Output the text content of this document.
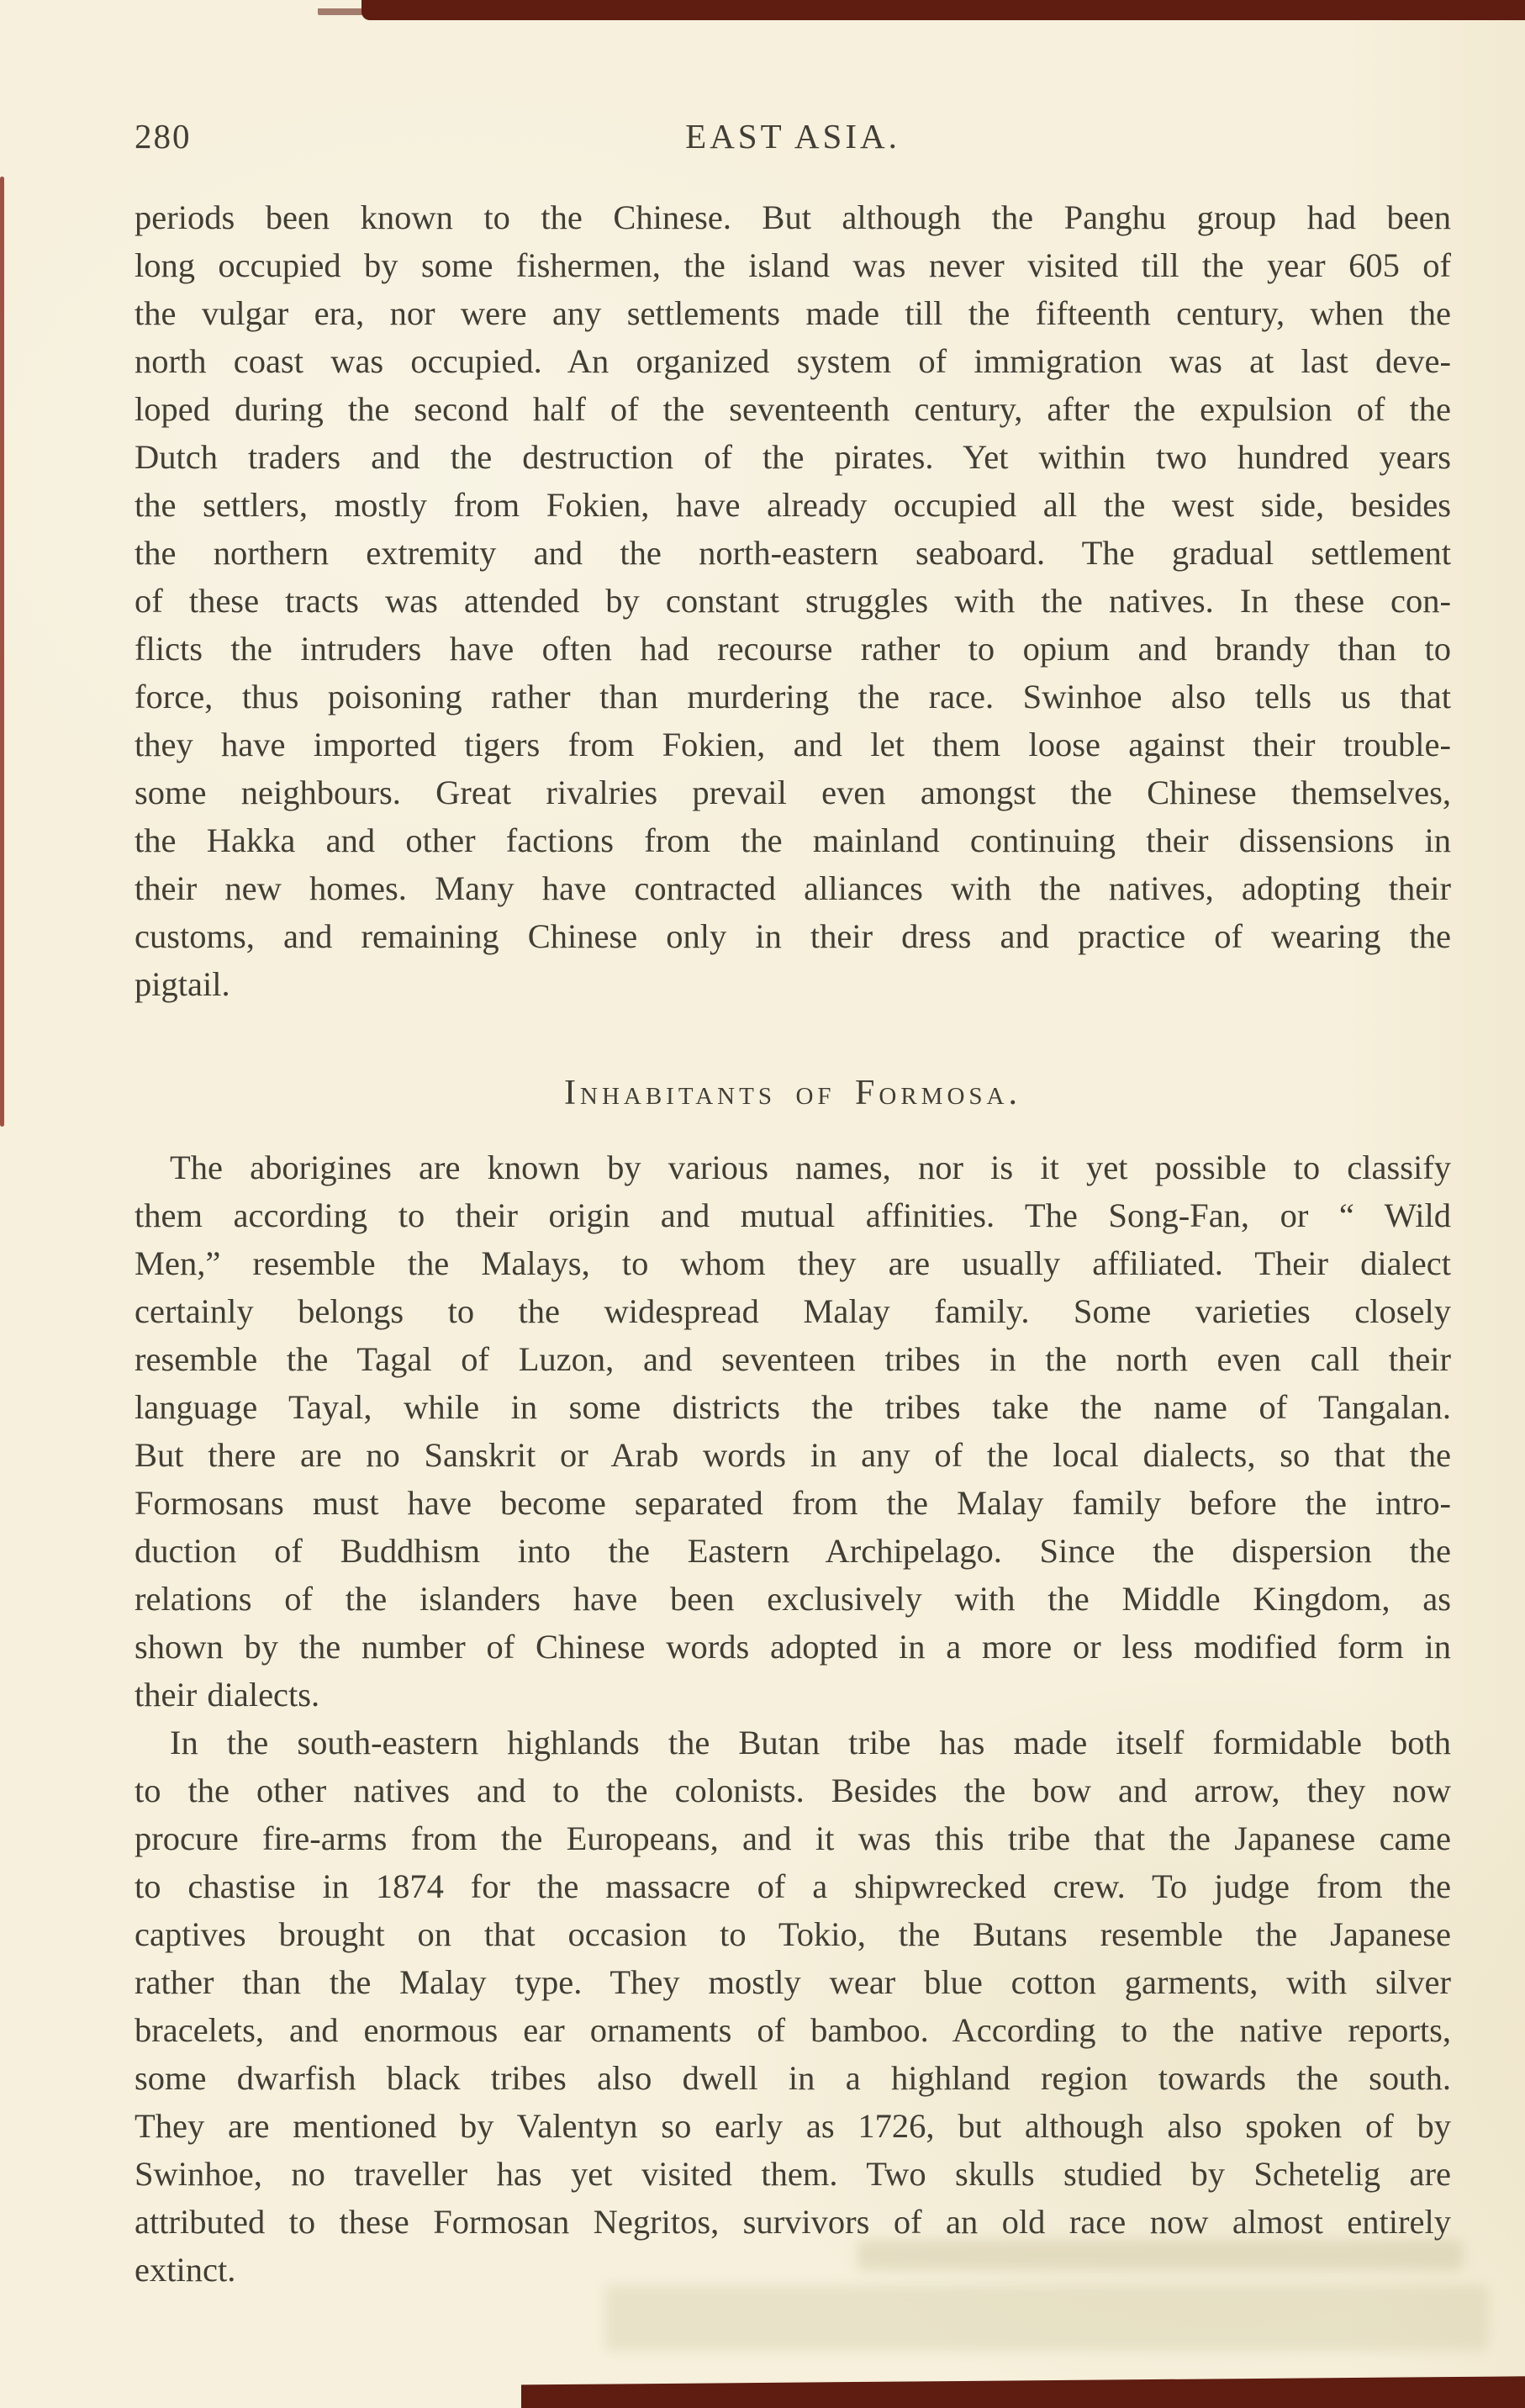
280	EAST ASIA.
periods been known to the Chinese. But although the Panghu group had been
long occupied by some fishermen, the island was never visited till the year 605 of
the vulgar era, nor were any settlements made till the fifteenth century, when the
north coast was occupied. An organized system of immigration was at last deve-
loped during the second half of the seventeenth century, after the expulsion of the
Dutch traders and the destruction of the pirates. Yet within two hundred years
the settlers, mostly from Fokien, have already occupied all the west side, besides
the northern extremity and the north-eastern seaboard. The gradual settlement
of these tracts was attended by constant struggles with the natives. In these con-
flicts the intruders have often had recourse rather to opium and brandy than to
force, thus poisoning rather than murdering the race. Swinhoe also tells us that
they have imported tigers from Fokien, and let them loose against their trouble-
some neighbours. Great rivalries prevail even amongst the Chinese themselves,
the Hakka and other factions from the mainland continuing their dissensions in
their new homes. Many have contracted alliances with the natives, adopting their
customs, and remaining Chinese only in their dress and practice of wearing the
pigtail.
Inhabitants of Formosa.
The aborigines are known by various names, nor is it yet possible to classify
them according to their origin and mutual affinities. The Song-Fan, or “ Wild
Men,” resemble the Malays, to whom they are usually affiliated. Their dialect
certainly belongs to the widespread Malay family. Some varieties closely
resemble the Tagal of Luzon, and seventeen tribes in the north even call their
language Tayal, while in some districts the tribes take the name of Tangalan.
But there are no Sanskrit or Arab words in any of the local dialects, so that the
Formosans must have become separated from the Malay family before the intro-
duction of Buddhism into the Eastern Archipelago. Since the dispersion the
relations of the islanders have been exclusively with the Middle Kingdom, as
shown by the number of Chinese words adopted in a more or less modified form in
their dialects.
In the south-eastern highlands the Butan tribe has made itself formidable both
to the other natives and to the colonists. Besides the bow and arrow, they now
procure fire-arms from the Europeans, and it was this tribe that the Japanese came
to chastise in 1874 for the massacre of a shipwrecked crew. To judge from the
captives brought on that occasion to Tokio, the Butans resemble the Japanese
rather than the Malay type. They mostly wear blue cotton garments, with silver
bracelets, and enormous ear ornaments of bamboo. According to the native reports,
some dwarfish black tribes also dwell in a highland region towards the south.
They are mentioned by Valentyn so early as 1726, but although also spoken of by
Swinhoe, no traveller has yet visited them. Two skulls studied by Schetelig are
attributed to these Formosan Negritos, survivors of an old race now almost entirely
extinct.
